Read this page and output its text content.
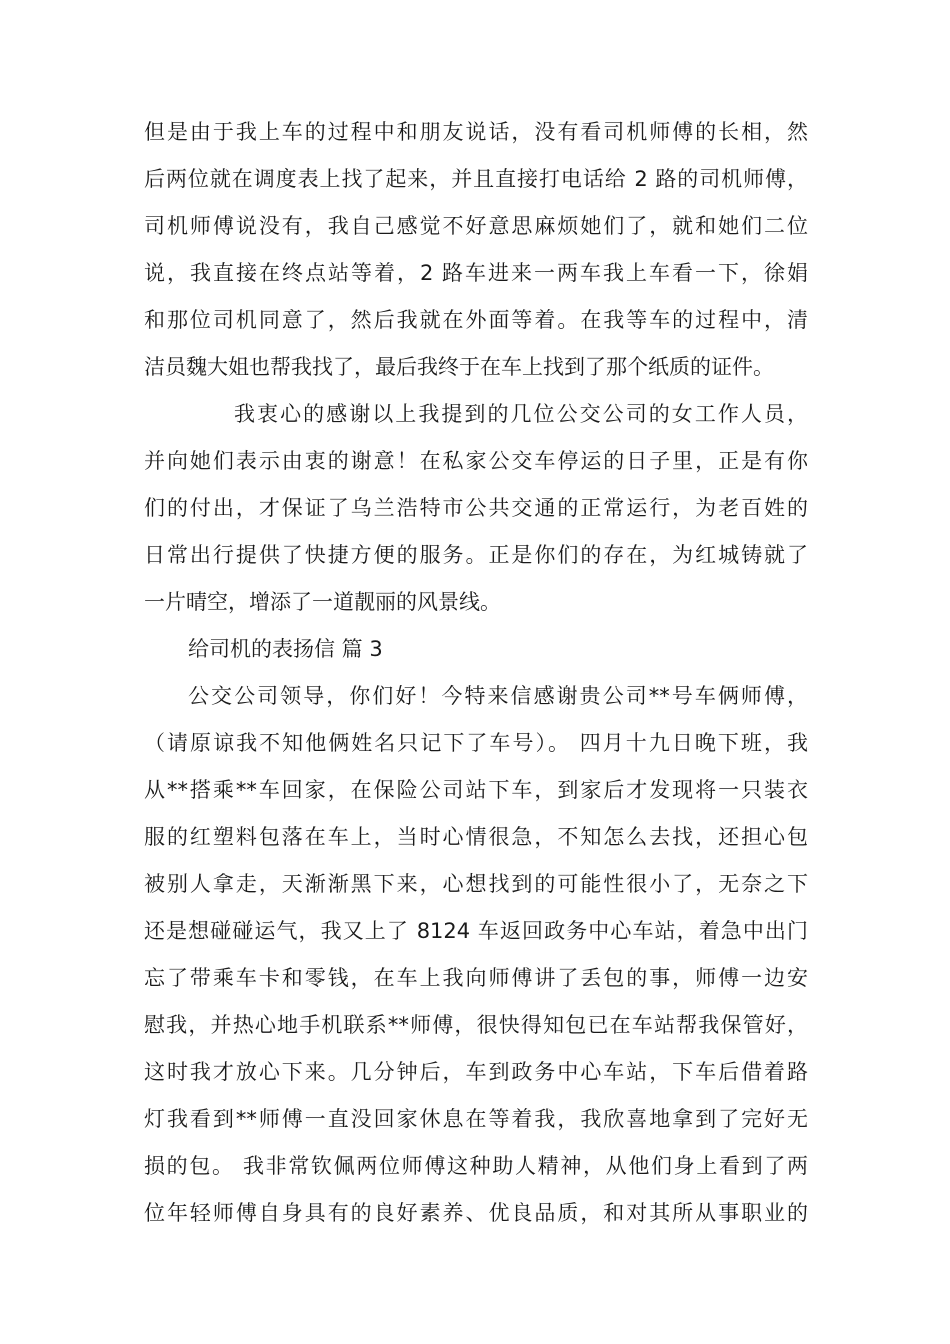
但是由于我上车的过程中和朋友说话，没有看司机师傅的长相，然
后两位就在调度表上找了起来，并且直接打电话给 2 路的司机师傅，
司机师傅说没有，我自己感觉不好意思麻烦她们了，就和她们二位
说，我直接在终点站等着，2 路车进来一两车我上车看一下，徐娟
和那位司机同意了，然后我就在外面等着。在我等车的过程中，清
洁员魏大姐也帮我找了，最后我终于在车上找到了那个纸质的证件。
我衷心的感谢以上我提到的几位公交公司的女工作人员，
并向她们表示由衷的谢意！在私家公交车停运的日子里，正是有你
们的付出，才保证了乌兰浩特市公共交通的正常运行，为老百姓的
日常出行提供了快捷方便的服务。正是你们的存在，为红城铸就了
一片晴空，增添了一道靓丽的风景线。
给司机的表扬信 篇 3
公交公司领导，你们好！今特来信感谢贵公司**号车俩师傅，
（请原谅我不知他俩姓名只记下了车号）。 四月十九日晚下班，我
从**搭乘**车回家，在保险公司站下车，到家后才发现将一只装衣
服的红塑料包落在车上，当时心情很急，不知怎么去找，还担心包
被别人拿走，天渐渐黑下来，心想找到的可能性很小了，无奈之下
还是想碰碰运气，我又上了 8124 车返回政务中心车站，着急中出门
忘了带乘车卡和零钱，在车上我向师傅讲了丢包的事，师傅一边安
慰我，并热心地手机联系**师傅，很快得知包已在车站帮我保管好，
这时我才放心下来。几分钟后，车到政务中心车站，下车后借着路
灯我看到**师傅一直没回家休息在等着我，我欣喜地拿到了完好无
损的包。 我非常钦佩两位师傅这种助人精神，从他们身上看到了两
位年轻师傅自身具有的良好素养、优良品质，和对其所从事职业的
